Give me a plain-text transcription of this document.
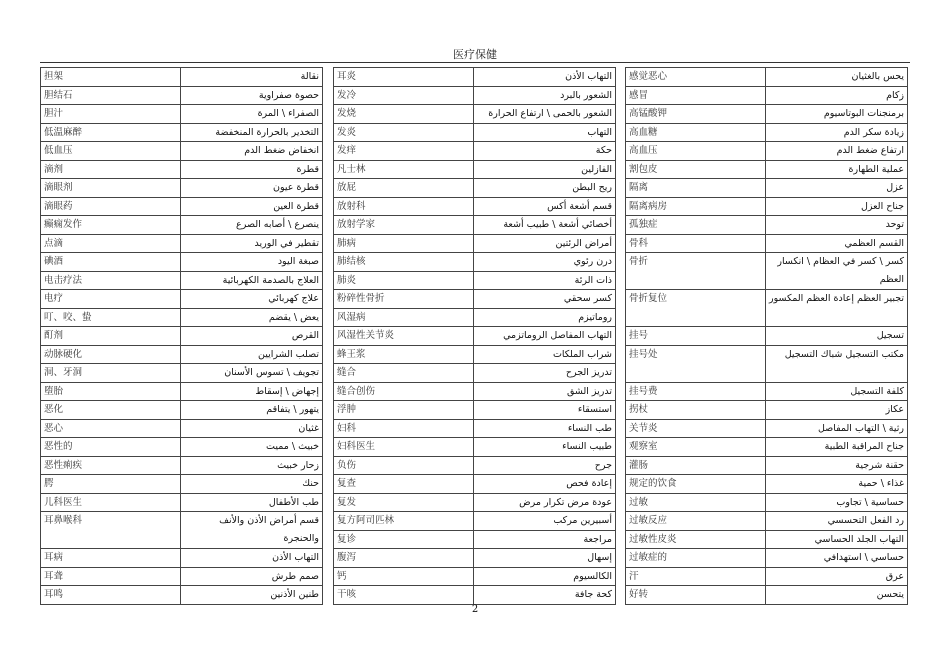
医疗保健
担架	نقالة
胆结石	حصوة صفراوية
胆汁	الصفراء \ المرة
低温麻醉	التخدير بالحرارة المنخفضة
低血压	انخفاض ضغط الدم
滴剂	قطرة
滴眼剂	قطرة عيون
滴眼药	قطرة العين
癫痫发作	ينصرع \ أصابه الصرع
点滴	تقطير في الوريد
碘酒	صبغة اليود
电击疗法	العلاج بالصدمة الكهربائية
电疗	علاج كهربائي
叮、咬、蛰	يعض \ يقضم
酊剂	القرص
动脉硬化	تصلب الشرايين
洞、牙洞	تجويف \ تسوس الأسنان
堕胎	إجهاض \ إسقاط
恶化	يتهور \ يتفاقم
恶心	غثيان
恶性的	خبيث \ مميت
恶性痢疾	زحار خبيث
腭	حنك
儿科医生	طب الأطفال
耳鼻喉科	قسم أمراض الأذن والأنف والحنجرة
耳病	التهاب الأذن
耳聋	صمم طرش
耳鸣	طنين الأذنين
耳炎	التهاب الأذن
发冷	الشعور بالبرد
发烧	الشعور بالحمى \ ارتفاع الحرارة
发炎	التهاب
发痒	حكة
凡士林	الفازلين
放屁	ريح البطن
放射科	قسم أشعة أكس
放射学家	أخصائي أشعة \ طبيب أشعة
肺病	أمراض الرئتين
肺结核	درن رئوي
肺炎	ذات الرئة
粉碎性骨折	كسر سحقي
风湿病	روماتيزم
风湿性关节炎	التهاب المفاصل الروماتزمي
蜂王浆	شراب الملكات
缝合	تدريز الجرح
缝合创伤	تدريز الشق
浮肿	استسقاء
妇科	طب النساء
妇科医生	طبيب النساء
负伤	جرح
复查	إعادة فحص
复发	عودة مرض تكرار مرض
复方阿司匹林	أسبيرين مركب
复诊	مراجعة
腹泻	إسهال
钙	الكالسيوم
干咳	كحة جافة
感觉恶心	يحس بالغثيان
感冒	زكام
高锰酸钾	برمنجنات البوتاسيوم
高血糖	زيادة سكر الدم
高血压	ارتفاع ضغط الدم
割包皮	عملية الطهارة
隔离	عزل
隔离病房	جناح العزل
孤独症	توحد
骨科	القسم العظمي
骨折	كسر \ كسر في العظام \ انكسار العظم
骨折复位	تجبير العظم إعادة العظم المكسور
挂号	تسجيل
挂号处	مكتب التسجيل شباك التسجيل
挂号费	كلفة التسجيل
拐杖	عكاز
关节炎	رثية \ التهاب المفاصل
观察室	جناح المراقبة الطبية
灌肠	حقنة شرجية
规定的饮食	غذاء \ حمية
过敏	حساسية \ تجاوب
过敏反应	رد الفعل التحسسي
过敏性皮炎	التهاب الجلد الحساسي
过敏症的	حساسي \ استهدافي
汗	عرق
好转	يتحسن
2
